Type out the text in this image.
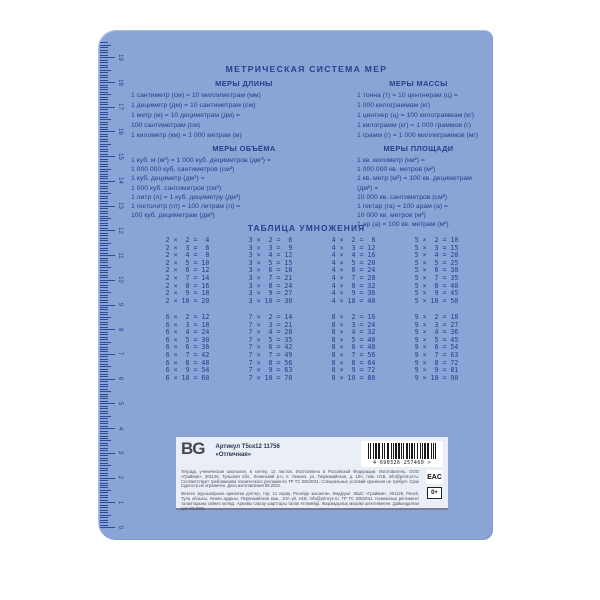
0
1
2
3
4
5
6
7
8
9
10
11
12
13
14
15
16
17
18
19
МЕТРИЧЕСКАЯ СИСТЕМА МЕР
МЕРЫ ДЛИНЫ
1 сантиметр (см) = 10 миллиметрам (мм)
1 дециметр (дм) = 10 сантиметрам (см)
1 метр (м) = 10 дециметрам (дм) =
100 сантиметрам (см)
1 километр (км) = 1 000 метрам (м)
МЕРЫ МАССЫ
1 тонна (т) = 10 центнерам (ц) =
1 000 килограммам (кг)
1 центнер (ц) = 100 килограммам (кг)
1 килограмм (кг) = 1 000 граммов (г)
1 грамм (г) = 1 000 миллиграммов (мг)
МЕРЫ ОБЪЁМА
1 куб. м (м³) = 1 000 куб. дециметров (дм³) =
1 000 000 куб. сантиметров (см³)
1 куб. дециметр (дм³) =
1 000 куб. сантиметров (см³)
1 литр (л) = 1 куб. дециметру (дм³)
1 гектолитр (гл) = 100 литрам (л) =
100 куб. дециметрам (дм³)
МЕРЫ ПЛОЩАДИ
1 кв. километр (км²) =
1 000 000 кв. метров (м²)
1 кв. метр (м²) = 100 кв. дециметрам (дм²) =
10 000 кв. сантиметров (см²)
1 гектар (га) = 100 арам (а) =
10 000 кв. метров (м²)
1 ар (а) = 100 кв. метрам (м²)
ТАБЛИЦА УМНОЖЕНИЯ
2 ×  2 =  4
2 ×  3 =  6
2 ×  4 =  8
2 ×  5 = 10
2 ×  6 = 12
2 ×  7 = 14
2 ×  8 = 16
2 ×  9 = 18
2 × 10 = 20
3 ×  2 =  6
3 ×  3 =  9
3 ×  4 = 12
3 ×  5 = 15
3 ×  6 = 18
3 ×  7 = 21
3 ×  8 = 24
3 ×  9 = 27
3 × 10 = 30
4 ×  2 =  8
4 ×  3 = 12
4 ×  4 = 16
4 ×  5 = 20
4 ×  6 = 24
4 ×  7 = 28
4 ×  8 = 32
4 ×  9 = 36
4 × 10 = 40
5 ×  2 = 10
5 ×  3 = 15
5 ×  4 = 20
5 ×  5 = 25
5 ×  6 = 30
5 ×  7 = 35
5 ×  8 = 40
5 ×  9 = 45
5 × 10 = 50
6 ×  2 = 12
6 ×  3 = 18
6 ×  4 = 24
6 ×  5 = 30
6 ×  6 = 36
6 ×  7 = 42
6 ×  8 = 48
6 ×  9 = 54
6 × 10 = 60
7 ×  2 = 14
7 ×  3 = 21
7 ×  4 = 28
7 ×  5 = 35
7 ×  6 = 42
7 ×  7 = 49
7 ×  8 = 56
7 ×  9 = 63
7 × 10 = 70
8 ×  2 = 16
8 ×  3 = 24
8 ×  4 = 32
8 ×  5 = 40
8 ×  6 = 48
8 ×  7 = 56
8 ×  8 = 64
8 ×  9 = 72
8 × 10 = 80
9 ×  2 = 18
9 ×  3 = 27
9 ×  4 = 36
9 ×  5 = 45
9 ×  6 = 54
9 ×  7 = 63
9 ×  8 = 72
9 ×  9 = 81
9 × 10 = 90
BG Артикул Т5ск12 11756
«Отличная»
4 690326 257460 >

Тетрадь ученическая школьная, в клетку, 12 листов. Изготовлено в Российской Федерации. Изготовитель: ООО «Грайвия», 301126, Тульская обл., Ленинский р-н, п. Ленино, ул. Первомайская, д. 10А, пом. Н1В, info@print-pr.ru. Соответствует требованиям технического регламента ТР ТС 005/2011. Специальных условий хранения не требует. Срок годности не ограничен. Дата изготовления 08.2022.

Мектеп оқушыларына арналған дәптер, тор, 12 парақ. Ресейде жасалған. Өндіруші: ЖШС «Грайвия», 301126, Ресей, Тула облысы, Ленин ауданы, Первомайская көш., 10А үй, Н1В. info@print-pr.ru. ТР ТС 005/2011 техникалық регламент талаптарына сәйкес келеді. Арнайы сақтау шарттары талап етілмейді. Жарамдылық мерзімі шектелмеген. Дайындалған күні 08.2022.

EAC
0+
